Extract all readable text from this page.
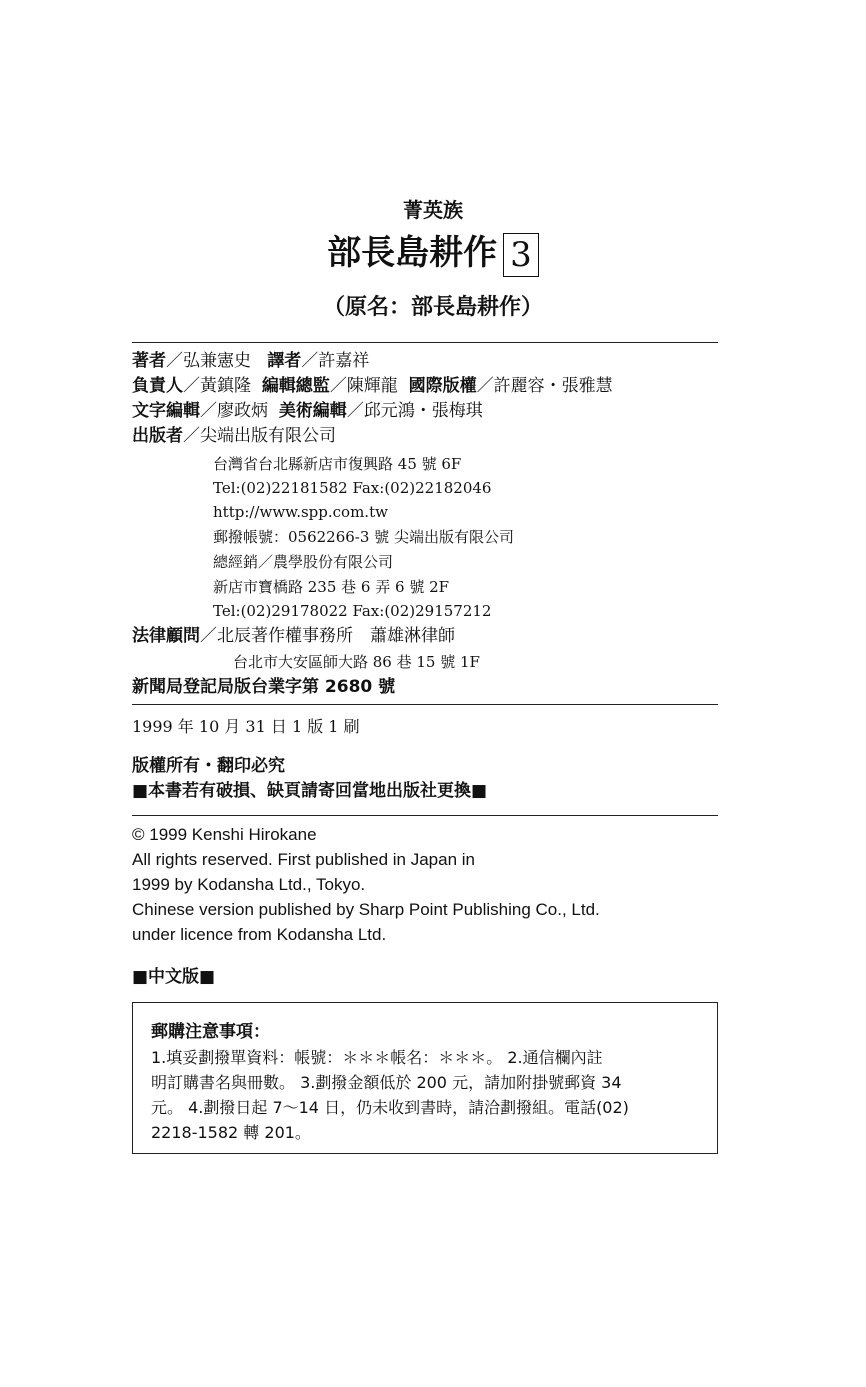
菁英族
部長島耕作 3
（原名：部長島耕作）
著者／弘兼憲史 譯者／許嘉祥
負責人／黃鎮隆 編輯總監／陳輝龍 國際版權／許麗容・張雅慧
文字編輯／廖政炳 美術編輯／邱元鴻・張梅琪
出版者／尖端出版有限公司
台灣省台北縣新店市復興路 45 號 6F
Tel:(02)22181582 Fax:(02)22182046
http://www.spp.com.tw
郵撥帳號：0562266-3 號 尖端出版有限公司
總經銷／農學股份有限公司
新店市寶橋路 235 巷 6 弄 6 號 2F
Tel:(02)29178022 Fax:(02)29157212
法律顧問／北辰著作權事務所　蕭雄淋律師
台北市大安區師大路 86 巷 15 號 1F
新聞局登記局版台業字第 2680 號
1999 年 10 月 31 日 1 版 1 刷
版權所有・翻印必究
■本書若有破損、缺頁請寄回當地出版社更換■
© 1999 Kenshi Hirokane
All rights reserved. First published in Japan in
1999 by Kodansha Ltd., Tokyo.
Chinese version published by Sharp Point Publishing Co., Ltd.
under licence from Kodansha Ltd.
■中文版■
郵購注意事項：
1.填妥劃撥單資料：帳號：＊＊＊帳名：＊＊＊。 2.通信欄內註
明訂購書名與冊數。 3.劃撥金額低於 200 元，請加附掛號郵資 34
元。 4.劃撥日起 7～14 日，仍未收到書時，請洽劃撥組。電話(02)
2218-1582 轉 201。
